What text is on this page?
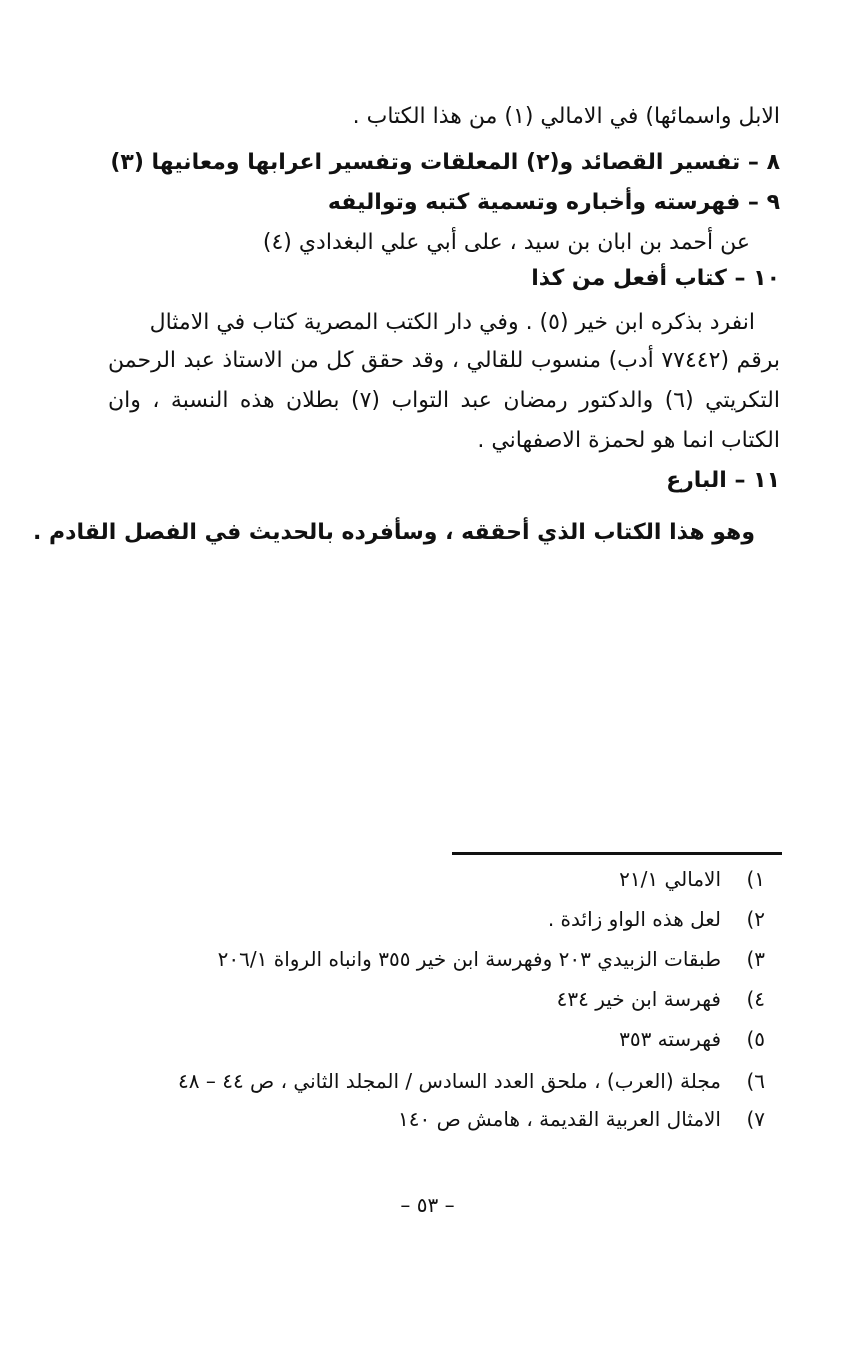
الابل واسمائها) في الامالي (١) من هذا الكتاب .
٨ – تفسير القصائد و(٢) المعلقات وتفسير اعرابها ومعانيها (٣)
٩ – فهرسته وأخباره وتسمية كتبه وتواليفه
عن أحمد بن ابان بن سيد ، على أبي علي البغدادي (٤)
١٠ – كتاب أفعل من كذا
انفرد بذكره ابن خير (٥) . وفي دار الكتب المصرية كتاب في الامثال
برقم (٧٧٤٤٢ أدب) منسوب للقالي ، وقد حقق كل من الاستاذ عبد الرحمن
التكريتي (٦) والدكتور رمضان عبد التواب (٧) بطلان هذه النسبة ، وان
الكتاب انما هو لحمزة الاصفهاني .
١١ – البارع
وهو هذا الكتاب الذي أحققه ، وسأفرده بالحديث في الفصل القادم .
١)الامالي ٢١/١
٢)لعل هذه الواو زائدة .
٣)طبقات الزبيدي ٢٠٣ وفهرسة ابن خير ٣٥٥ وانباه الرواة ٢٠٦/١
٤)فهرسة ابن خير ٤٣٤
٥)فهرسته ٣٥٣
٦)مجلة (العرب) ، ملحق العدد السادس / المجلد الثاني ، ص ٤٤ – ٤٨
٧)الامثال العربية القديمة ، هامش ص ١٤٠
– ٥٣ –
